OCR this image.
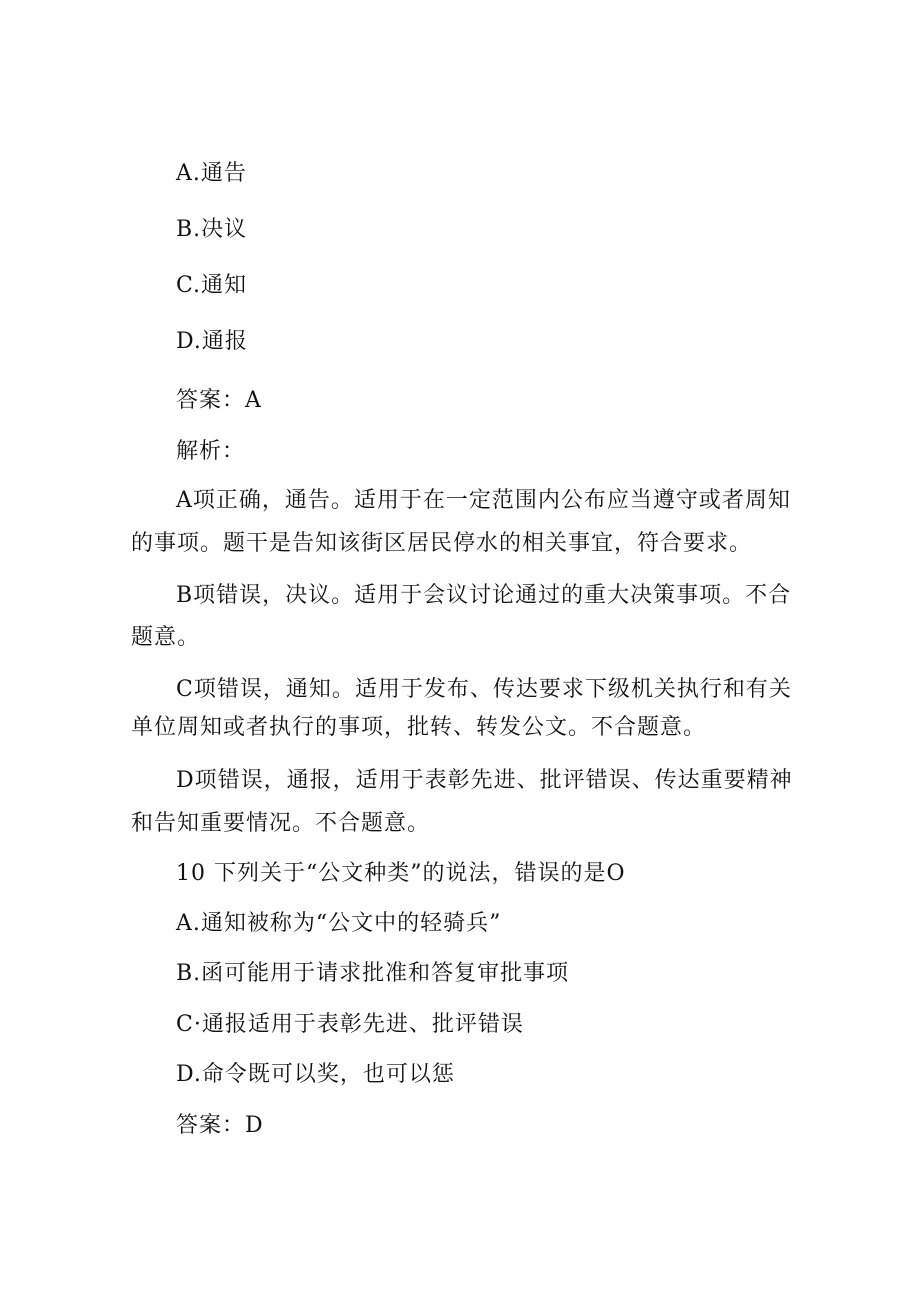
A.通告
B.决议
C.通知
D.通报
答案：A
解析：
A项正确，通告。适用于在一定范围内公布应当遵守或者周知
的事项。题干是告知该街区居民停水的相关事宜，符合要求。
B项错误，决议。适用于会议讨论通过的重大决策事项。不合
题意。
C项错误，通知。适用于发布、传达要求下级机关执行和有关
单位周知或者执行的事项，批转、转发公文。不合题意。
D项错误，通报，适用于表彰先进、批评错误、传达重要精神
和告知重要情况。不合题意。
10 下列关于“公文种类”的说法，错误的是O
A.通知被称为“公文中的轻骑兵”
B.函可能用于请求批准和答复审批事项
C·通报适用于表彰先进、批评错误
D.命令既可以奖，也可以惩
答案：D
